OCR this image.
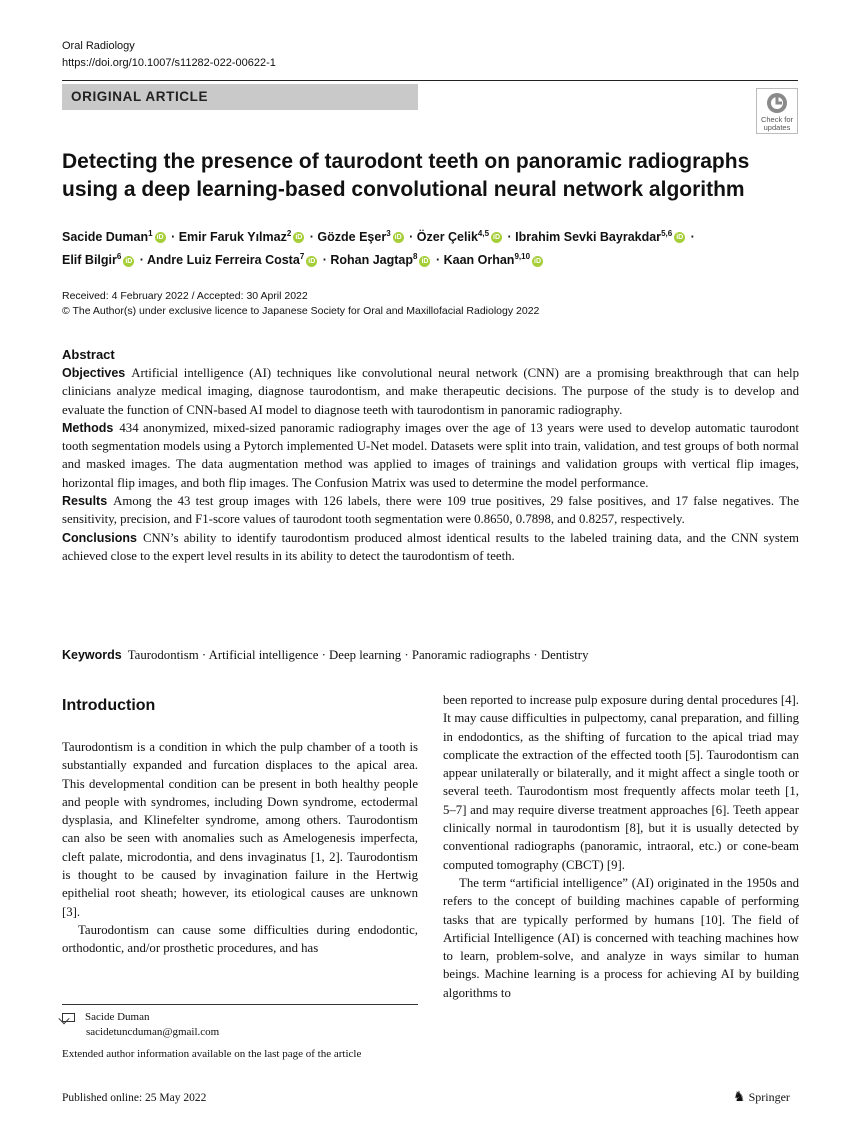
Oral Radiology
https://doi.org/10.1007/s11282-022-00622-1
ORIGINAL ARTICLE
Check for
updates
Detecting the presence of taurodont teeth on panoramic radiographs
using a deep learning-based convolutional neural network algorithm
Sacide Duman$^1$ iD · Emir Faruk Yılmaz$^2$ iD · Gözde Eşer$^3$ iD · Özer Çelik$^{4,5}$ iD · Ibrahim Sevki Bayrakdar$^{5,6}$ iD ·
Elif Bilgir$^6$ iD · Andre Luiz Ferreira Costa$^7$ iD · Rohan Jagtap$^8$ iD · Kaan Orhan$^{9,10}$ iD
Received: 4 February 2022 / Accepted: 30 April 2022
© The Author(s) under exclusive licence to Japanese Society for Oral and Maxillofacial Radiology 2022
Abstract

Objectives Artificial intelligence (AI) techniques like convolutional neural network (CNN) are a promising breakthrough that can help clinicians analyze medical imaging, diagnose taurodontism, and make therapeutic decisions. The purpose of the study is to develop and evaluate the function of CNN-based AI model to diagnose teeth with taurodontism in panoramic radiography.

Methods 434 anonymized, mixed-sized panoramic radiography images over the age of 13 years were used to develop automatic taurodont tooth segmentation models using a Pytorch implemented U-Net model. Datasets were split into train, validation, and test groups of both normal and masked images. The data augmentation method was applied to images of trainings and validation groups with vertical flip images, horizontal flip images, and both flip images. The Confusion Matrix was used to determine the model performance.

Results Among the 43 test group images with 126 labels, there were 109 true positives, 29 false positives, and 17 false negatives. The sensitivity, precision, and F1-score values of taurodont tooth segmentation were 0.8650, 0.7898, and 0.8257, respectively.

Conclusions CNN’s ability to identify taurodontism produced almost identical results to the labeled training data, and the CNN system achieved close to the expert level results in its ability to detect the taurodontism of teeth.

Keywords Taurodontism · Artificial intelligence · Deep learning · Panoramic radiographs · Dentistry
Introduction

Taurodontism is a condition in which the pulp chamber of a tooth is substantially expanded and furcation displaces to the apical area. This developmental condition can be present in both healthy people and people with syndromes, including Down syndrome, ectodermal dysplasia, and Klinefelter syndrome, among others. Taurodontism can also be seen with anomalies such as Amelogenesis imperfecta, cleft palate, microdontia, and dens invaginatus [1, 2]. Taurodontism is thought to be caused by invagination failure in the Hertwig epithelial root sheath; however, its etiological causes are unknown [3].

Taurodontism can cause some difficulties during endodontic, orthodontic, and/or prosthetic procedures, and has

been reported to increase pulp exposure during dental procedures [4]. It may cause difficulties in pulpectomy, canal preparation, and filling in endodontics, as the shifting of furcation to the apical triad may complicate the extraction of the effected tooth [5]. Taurodontism can appear unilaterally or bilaterally, and it might affect a single tooth or several teeth. Taurodontism most frequently affects molar teeth [1, 5–7] and may require diverse treatment approaches [6]. Teeth appear clinically normal in taurodontism [8], but it is usually detected by conventional radiographs (panoramic, intraoral, etc.) or cone-beam computed tomography (CBCT) [9].

The term “artificial intelligence” (AI) originated in the 1950s and refers to the concept of building machines capable of performing tasks that are typically performed by humans [10]. The field of Artificial Intelligence (AI) is concerned with teaching machines how to learn, problem-solve, and analyze in ways similar to human beings. Machine learning is a process for achieving AI by building algorithms to

Sacide Duman
sacidetuncduman@gmail.com
Extended author information available on the last page of the article
Published online: 25 May 2022	♞ Springer
